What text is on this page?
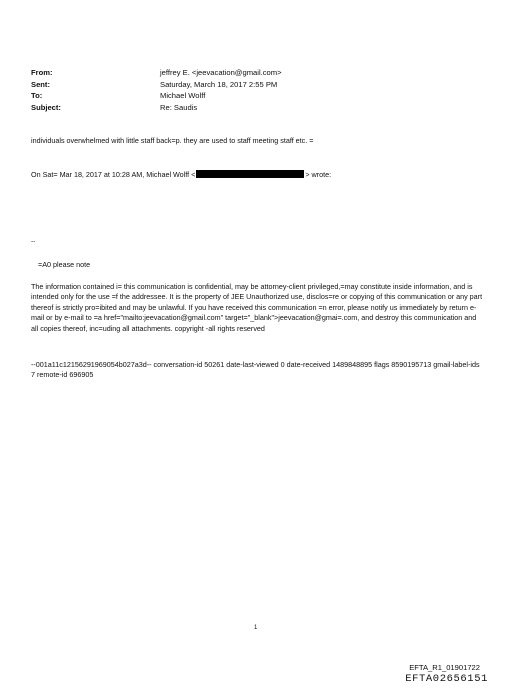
From:	jeffrey E. <jeevacation@gmail.com>
Sent:	Saturday, March 18, 2017 2:55 PM
To:	Michael Wolff
Subject:	Re: Saudis
individuals overwhelmed with little staff back=p. they are used to staff meeting staff etc. =
On Sat= Mar 18, 2017 at 10:28 AM, Michael Wolff <	> wrote:
--
=A0 please note
The information contained i= this communication is confidential, may be attorney-client privileged,=may constitute inside information, and is intended only for the use =f the addressee. It is the property of JEE Unauthorized use, disclos=re or copying of this communication or any part thereof is strictly pro=ibited and may be unlawful. If you have received this communication =n error, please notify us immediately by return e-mail or by e-mail to =a href="mailto:jeevacation@gmail.com" target="_blank">jeevacation@gmai=.com, and destroy this communication and all copies thereof, inc=uding all attachments. copyright -all rights reserved
--001a11c12156291969054b027a3d-- conversation-id 50261 date-last-viewed 0 date-received 1489848895 flags 8590195713 gmail-label-ids 7 remote-id 696905
1
EFTA_R1_01901722
EFTA02656151
